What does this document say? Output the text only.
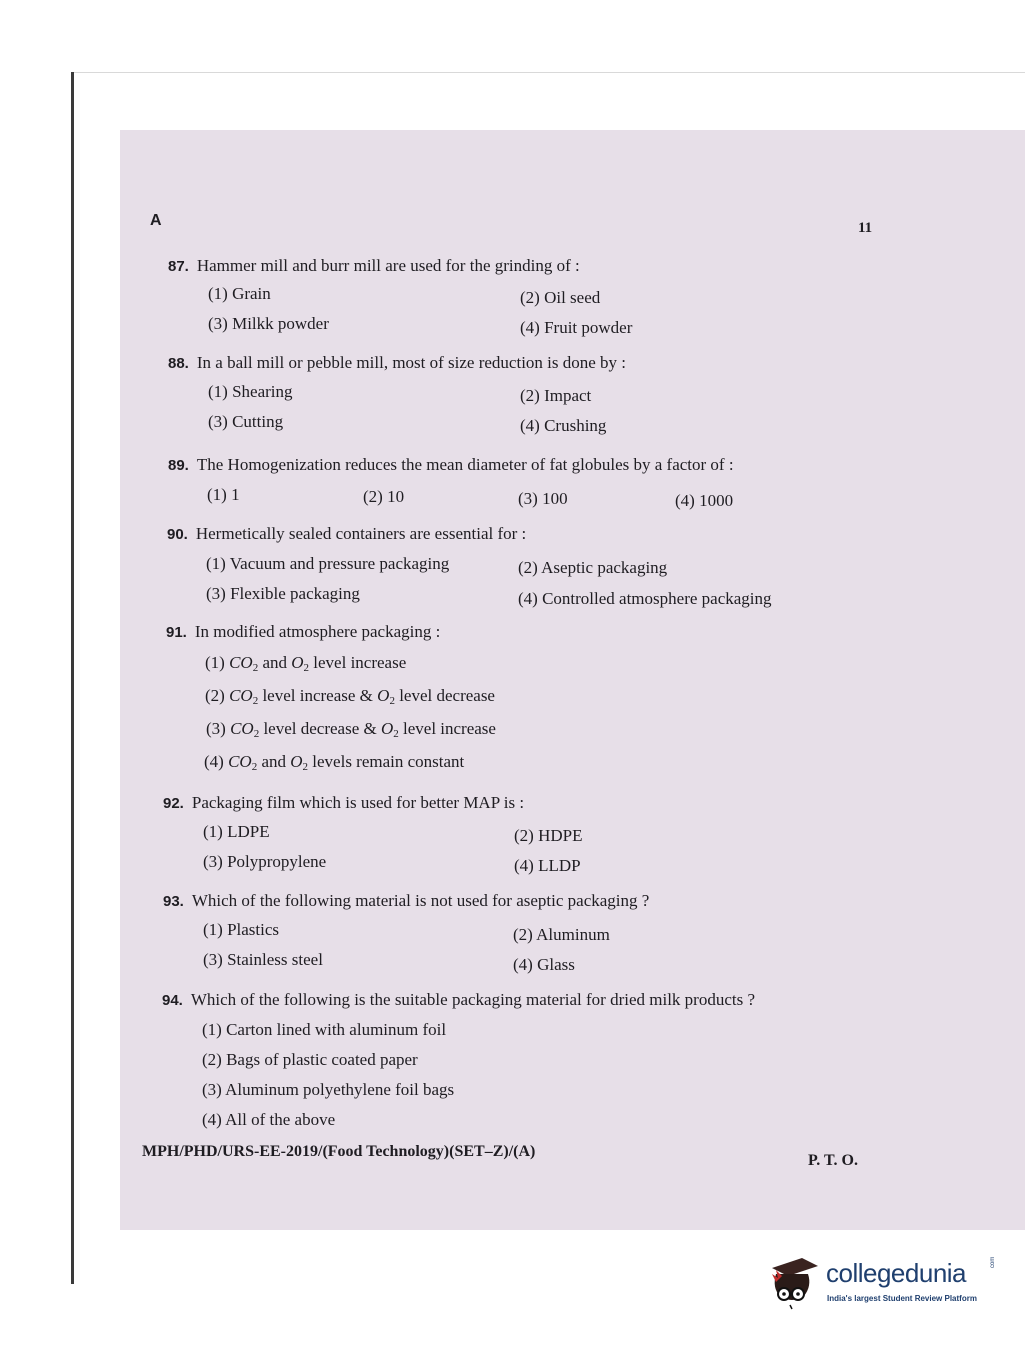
A	11
87. Hammer mill and burr mill are used for the grinding of :
(1) Grain	(2) Oil seed
(3) Milkk powder	(4) Fruit powder
88. In a ball mill or pebble mill, most of size reduction is done by :
(1) Shearing	(2) Impact
(3) Cutting	(4) Crushing
89. The Homogenization reduces the mean diameter of fat globules by a factor of :
(1) 1	(2) 10	(3) 100	(4) 1000
90. Hermetically sealed containers are essential for :
(1) Vacuum and pressure packaging	(2) Aseptic packaging
(3) Flexible packaging	(4) Controlled atmosphere packaging
91. In modified atmosphere packaging :
(1) $CO_2$ and $O_2$ level increase
(2) $CO_2$ level increase & $O_2$ level decrease
(3) $CO_2$ level decrease & $O_2$ level increase
(4) $CO_2$ and $O_2$ levels remain constant
92. Packaging film which is used for better MAP is :
(1) LDPE	(2) HDPE
(3) Polypropylene	(4) LLDP
93. Which of the following material is not used for aseptic packaging ?
(1) Plastics	(2) Aluminum
(3) Stainless steel	(4) Glass
94. Which of the following is the suitable packaging material for dried milk products ?
(1) Carton lined with aluminum foil
(2) Bags of plastic coated paper
(3) Aluminum polyethylene foil bags
(4) All of the above
MPH/PHD/URS-EE-2019/(Food Technology)(SET–Z)/(A)
P. T. O.
collegedunia	com
India's largest Student Review Platform
